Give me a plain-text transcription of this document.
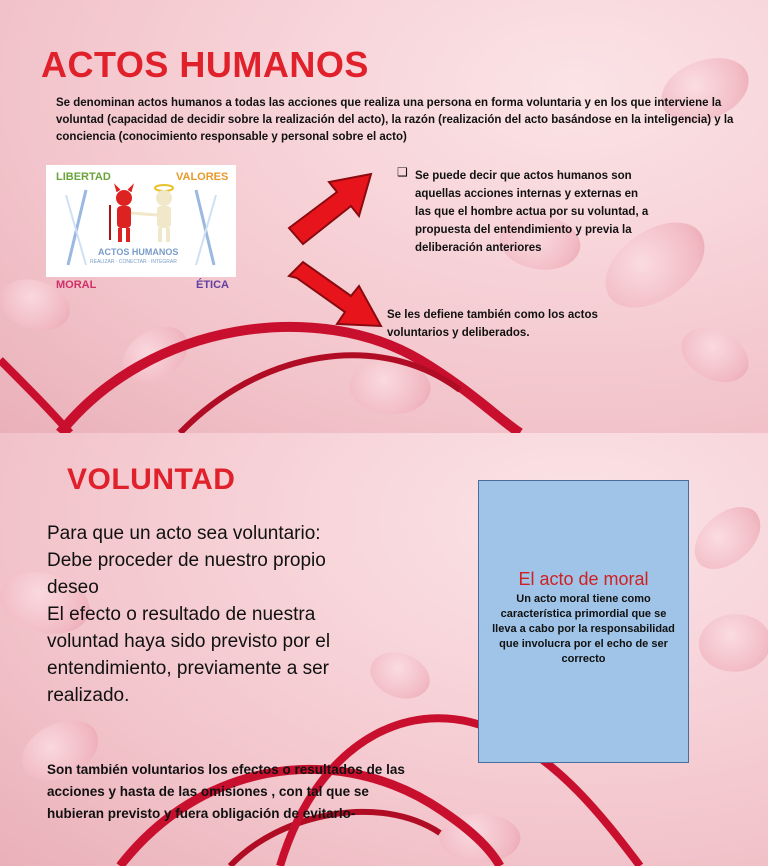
ACTOS HUMANOS

Se denominan actos humanos a todas las acciones que realiza una persona en forma voluntaria y en los que interviene la voluntad (capacidad de decidir sobre la realización del acto), la razón (realización del acto basándose en la inteligencia) y la conciencia (conocimiento responsable y personal sobre el acto)

LIBERTAD	VALORES
MORAL	ÉTICA
ACTOS HUMANOS
REALIZAR · CONECTAR · INTEGRAR
❑ Se puede decir que actos humanos son aquellas acciones internas y externas en las que el hombre actua por su voluntad, a propuesta del entendimiento y previa la deliberación anteriores

Se les defiene también como los actos voluntarios y deliberados.

VOLUNTAD
Para que un acto sea voluntario:
Debe proceder de nuestro propio deseo
El efecto o resultado de nuestra voluntad haya sido previsto por el entendimiento, previamente a ser realizado.

Son también voluntarios los efectos o resultados de las acciones y hasta de las omisiones , con tal que se hubieran previsto y fuera obligación de evitarlo-

El acto de moral

Un acto moral tiene como característica primordial que se lleva a cabo por la responsabilidad que involucra por el echo de ser correcto
